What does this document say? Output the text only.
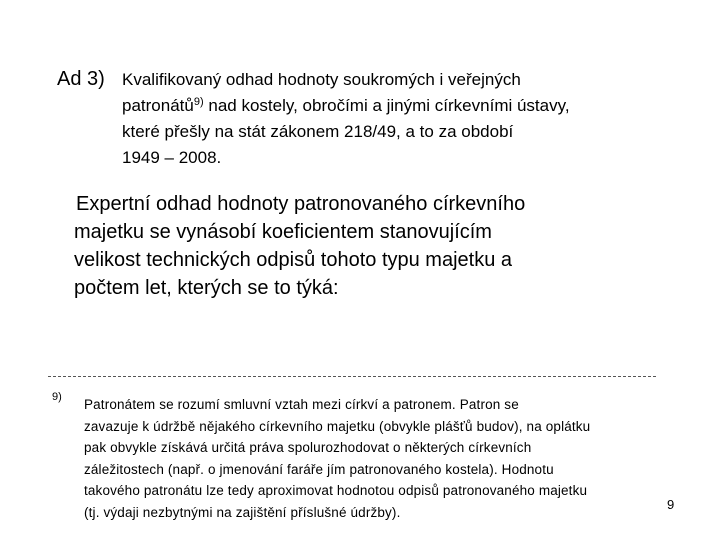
Ad 3) Kvalifikovaný odhad hodnoty soukromých i veřejných
patronátů$^{9)}$ nad kostely, obročími a jinými církevními ústavy,
které přešly na stát zákonem 218/49, a to za období
1949 – 2008.
Expertní odhad hodnoty patronovaného církevního
majetku se vynásobí koeficientem stanovujícím
velikost technických odpisů tohoto typu majetku a
počtem let, kterých se to týká:
9) Patronátem se rozumí smluvní vztah mezi církví a patronem. Patron se
zavazuje k údržbě nějakého církevního majetku (obvykle plášťů budov), na oplátku
pak obvykle získává určitá práva spolurozhodovat o některých církevních
záležitostech (např. o jmenování faráře jím patronovaného kostela). Hodnotu
takového patronátu lze tedy aproximovat hodnotou odpisů patronovaného majetku
(tj. výdaji nezbytnými na zajištění příslušné údržby).	9
